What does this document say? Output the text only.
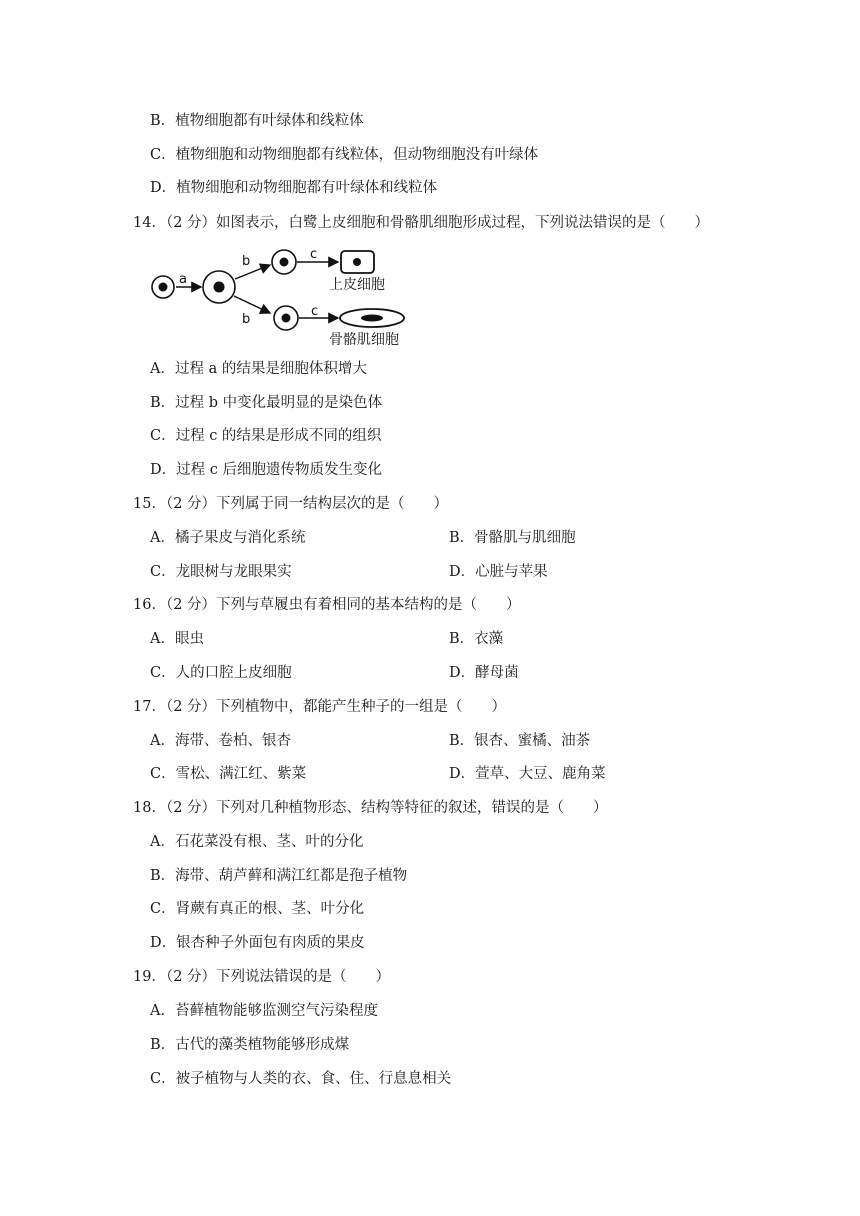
B．植物细胞都有叶绿体和线粒体
C．植物细胞和动物细胞都有线粒体，但动物细胞没有叶绿体
D．植物细胞和动物细胞都有叶绿体和线粒体
14．（2 分）如图表示，白鹭上皮细胞和骨骼肌细胞形成过程，下列说法错误的是（　　）
a
b	c
上皮细胞
b
c
骨骼肌细胞
A．过程 a 的结果是细胞体积增大
B．过程 b 中变化最明显的是染色体
C．过程 c 的结果是形成不同的组织
D．过程 c 后细胞遗传物质发生变化
15．（2 分）下列属于同一结构层次的是（　　）
A．橘子果皮与消化系统	B．骨骼肌与肌细胞
C．龙眼树与龙眼果实	D．心脏与苹果
16．（2 分）下列与草履虫有着相同的基本结构的是（　　）
A．眼虫	B．衣藻
C．人的口腔上皮细胞	D．酵母菌
17．（2 分）下列植物中，都能产生种子的一组是（　　）
A．海带、卷柏、银杏	B．银杏、蜜橘、油茶
C．雪松、满江红、紫菜	D．萱草、大豆、鹿角菜
18．（2 分）下列对几种植物形态、结构等特征的叙述，错误的是（　　）
A．石花菜没有根、茎、叶的分化
B．海带、葫芦藓和满江红都是孢子植物
C．肾蕨有真正的根、茎、叶分化
D．银杏种子外面包有肉质的果皮
19．（2 分）下列说法错误的是（　　）
A．苔藓植物能够监测空气污染程度
B．古代的藻类植物能够形成煤
C．被子植物与人类的衣、食、住、行息息相关
